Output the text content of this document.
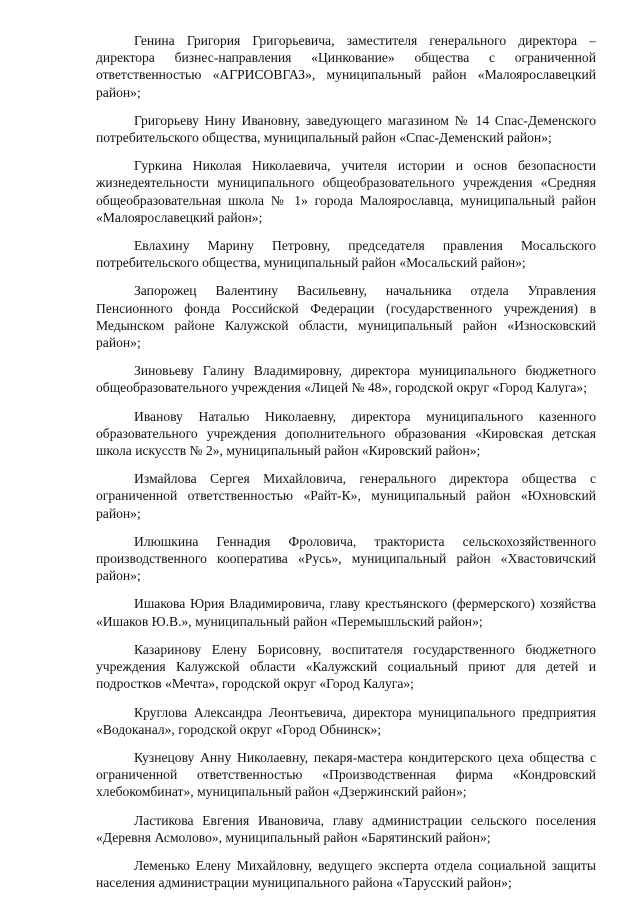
Генина Григория Григорьевича, заместителя генерального директора – директора бизнес-направления «Цинкование» общества с ограниченной ответственностью «АГРИСОВГАЗ», муниципальный район «Малоярославецкий район»;

Григорьеву Нину Ивановну, заведующего магазином № 14 Спас-Деменского потребительского общества, муниципальный район «Спас-Деменский район»;

Гуркина Николая Николаевича, учителя истории и основ безопасности жизнедеятельности муниципального общеобразовательного учреждения «Средняя общеобразовательная школа № 1» города Малоярославца, муниципальный район «Малоярославецкий район»;

Евлахину Марину Петровну, председателя правления Мосальского потребительского общества, муниципальный район «Мосальский район»;

Запорожец Валентину Васильевну, начальника отдела Управления Пенсионного фонда Российской Федерации (государственного учреждения) в Медынском районе Калужской области, муниципальный район «Износковский район»;

Зиновьеву Галину Владимировну, директора муниципального бюджетного общеобразовательного учреждения «Лицей № 48», городской округ «Город Калуга»;

Иванову Наталью Николаевну, директора муниципального казенного образовательного учреждения дополнительного образования «Кировская детская школа искусств № 2», муниципальный район «Кировский район»;

Измайлова Сергея Михайловича, генерального директора общества с ограниченной ответственностью «Райт-К», муниципальный район «Юхновский район»;

Илюшкина Геннадия Фроловича, тракториста сельскохозяйственного производственного кооператива «Русь», муниципальный район «Хвастовичский район»;

Ишакова Юрия Владимировича, главу крестьянского (фермерского) хозяйства «Ишаков Ю.В.», муниципальный район «Перемышльский район»;

Казаринову Елену Борисовну, воспитателя государственного бюджетного учреждения Калужской области «Калужский социальный приют для детей и подростков «Мечта», городской округ «Город Калуга»;

Круглова Александра Леонтьевича, директора муниципального предприятия «Водоканал», городской округ «Город Обнинск»;

Кузнецову Анну Николаевну, пекаря-мастера кондитерского цеха общества с ограниченной ответственностью «Производственная фирма «Кондровский хлебокомбинат», муниципальный район «Дзержинский район»;

Ластикова Евгения Ивановича, главу администрации сельского поселения «Деревня Асмолово», муниципальный район «Барятинский район»;

Леменько Елену Михайловну, ведущего эксперта отдела социальной защиты населения администрации муниципального района «Тарусский район»;
